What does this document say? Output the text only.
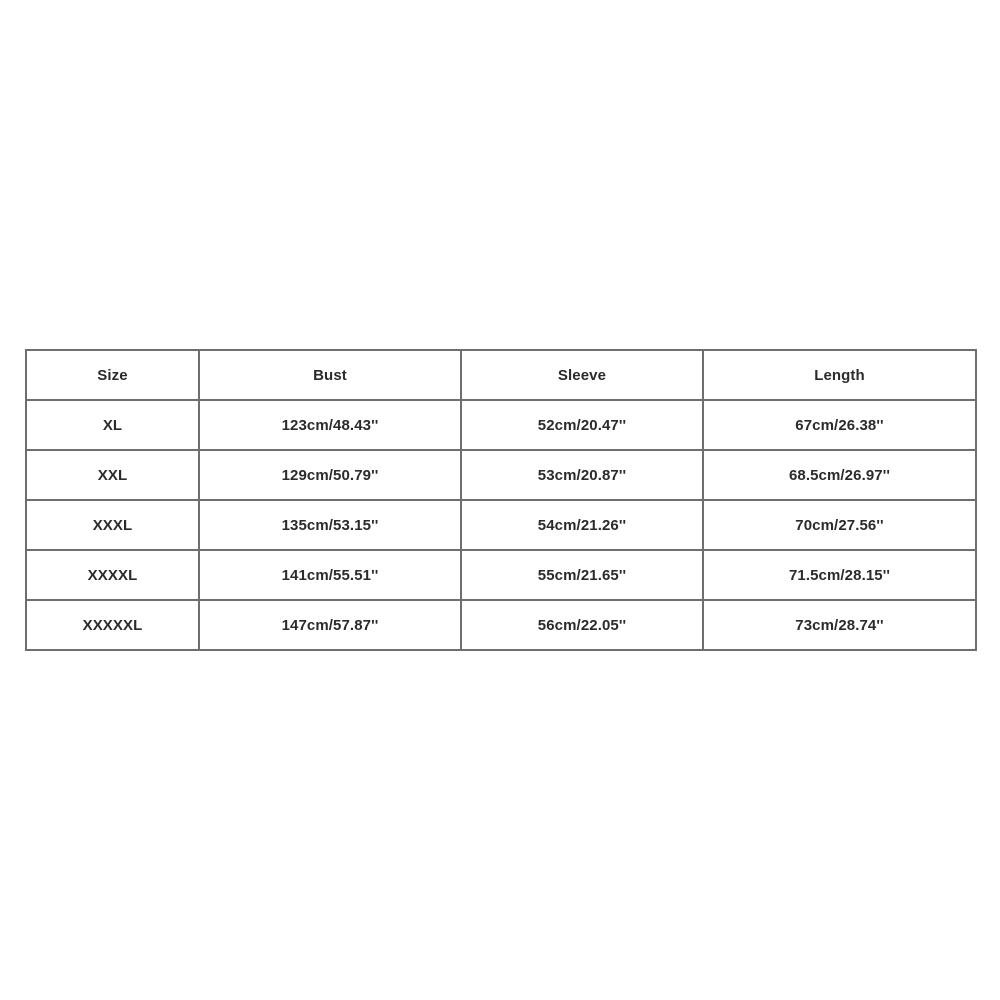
Size	Bust	Sleeve	Length
XL	123cm/48.43''	52cm/20.47''	67cm/26.38''
XXL	129cm/50.79''	53cm/20.87''	68.5cm/26.97''
XXXL	135cm/53.15''	54cm/21.26''	70cm/27.56''
XXXXL	141cm/55.51''	55cm/21.65''	71.5cm/28.15''
XXXXXL	147cm/57.87''	56cm/22.05''	73cm/28.74''
